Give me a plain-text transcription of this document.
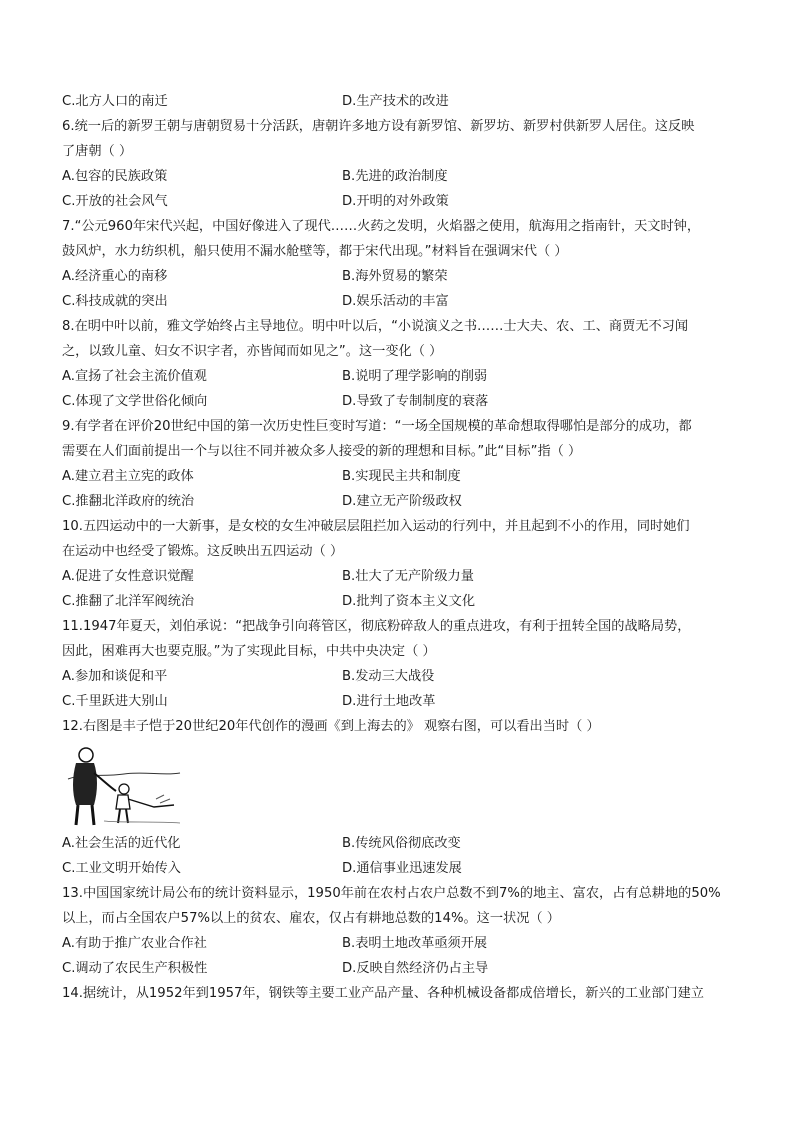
C.北方人口的南迁	D.生产技术的改进
6.统一后的新罗王朝与唐朝贸易十分活跃，唐朝许多地方设有新罗馆、新罗坊、新罗村供新罗人居住。这反映
了唐朝（ ）
A.包容的民族政策	B.先进的政治制度
C.开放的社会风气	D.开明的对外政策
7.“公元960年宋代兴起，中国好像进入了现代……火药之发明，火焰器之使用，航海用之指南针，天文时钟，
鼓风炉，水力纺织机，船只使用不漏水舱壁等，都于宋代出现。”材料旨在强调宋代（ ）
A.经济重心的南移	B.海外贸易的繁荣
C.科技成就的突出	D.娱乐活动的丰富
8.在明中叶以前，雅文学始终占主导地位。明中叶以后，“小说演义之书……士大夫、农、工、商贾无不习闻
之，以致儿童、妇女不识字者，亦皆闻而如见之”。这一变化（ ）
A.宣扬了社会主流价值观	B.说明了理学影响的削弱
C.体现了文学世俗化倾向	D.导致了专制制度的衰落
9.有学者在评价20世纪中国的第一次历史性巨变时写道：“一场全国规模的革命想取得哪怕是部分的成功，都
需要在人们面前提出一个与以往不同并被众多人接受的新的理想和目标。”此“目标”指（ ）
A.建立君主立宪的政体	B.实现民主共和制度
C.推翻北洋政府的统治	D.建立无产阶级政权
10.五四运动中的一大新事，是女校的女生冲破层层阻拦加入运动的行列中，并且起到不小的作用，同时她们
在运动中也经受了锻炼。这反映出五四运动（ ）
A.促进了女性意识觉醒	B.壮大了无产阶级力量
C.推翻了北洋军阀统治	D.批判了资本主义文化
11.1947年夏天，刘伯承说：“把战争引向蒋管区，彻底粉碎敌人的重点进攻，有利于扭转全国的战略局势，
因此，困难再大也要克服。”为了实现此目标，中共中央决定（ ）
A.参加和谈促和平	B.发动三大战役
C.千里跃进大别山	D.进行土地改革
12.右图是丰子恺于20世纪20年代创作的漫画《到上海去的》 观察右图，可以看出当时（ ）
A.社会生活的近代化	B.传统风俗彻底改变
C.工业文明开始传入	D.通信事业迅速发展
13.中国国家统计局公布的统计资料显示，1950年前在农村占农户总数不到7%的地主、富农，占有总耕地的50%
以上，而占全国农户57%以上的贫农、雇农，仅占有耕地总数的14%。这一状况（ ）
A.有助于推广农业合作社	B.表明土地改革亟须开展
C.调动了农民生产积极性	D.反映自然经济仍占主导
14.据统计，从1952年到1957年，钢铁等主要工业产品产量、各种机械设备都成倍增长，新兴的工业部门建立
